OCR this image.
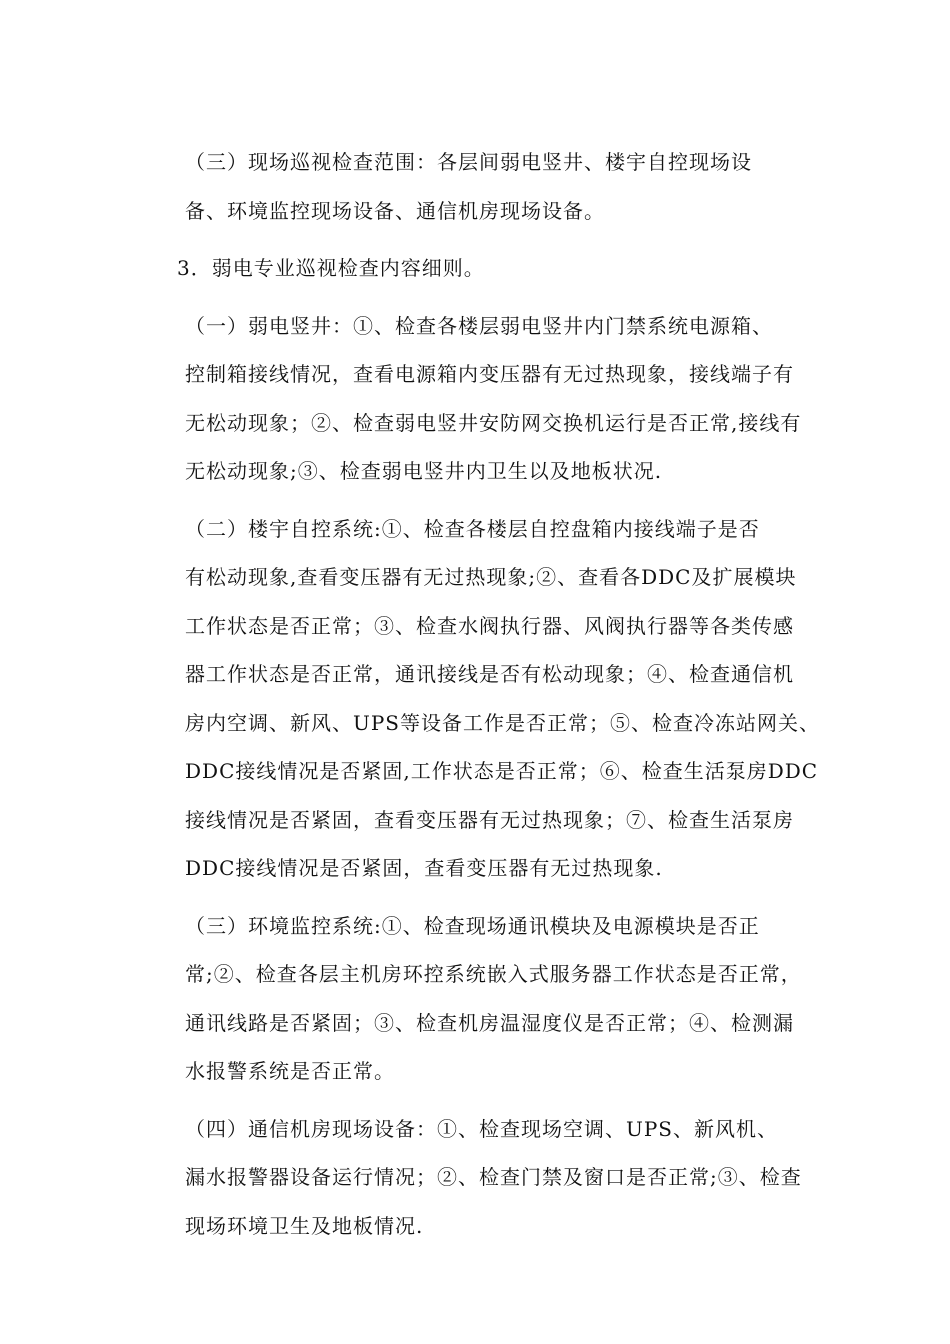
（三）现场巡视检查范围：各层间弱电竖井、楼宇自控现场设
备、环境监控现场设备、通信机房现场设备。

3．弱电专业巡视检查内容细则。

（一）弱电竖井：①、检查各楼层弱电竖井内门禁系统电源箱、
控制箱接线情况，查看电源箱内变压器有无过热现象，接线端子有
无松动现象；②、检查弱电竖井安防网交换机运行是否正常,接线有
无松动现象;③、检查弱电竖井内卫生以及地板状况.

（二）楼宇自控系统:①、检查各楼层自控盘箱内接线端子是否
有松动现象,查看变压器有无过热现象;②、查看各DDC及扩展模块
工作状态是否正常；③、检查水阀执行器、风阀执行器等各类传感
器工作状态是否正常，通讯接线是否有松动现象；④、检查通信机
房内空调、新风、UPS等设备工作是否正常；⑤、检查冷冻站网关、
DDC接线情况是否紧固,工作状态是否正常；⑥、检查生活泵房DDC
接线情况是否紧固，查看变压器有无过热现象；⑦、检查生活泵房
DDC接线情况是否紧固，查看变压器有无过热现象.

（三）环境监控系统:①、检查现场通讯模块及电源模块是否正
常;②、检查各层主机房环控系统嵌入式服务器工作状态是否正常，
通讯线路是否紧固；③、检查机房温湿度仪是否正常；④、检测漏
水报警系统是否正常。

（四）通信机房现场设备：①、检查现场空调、UPS、新风机、
漏水报警器设备运行情况；②、检查门禁及窗口是否正常;③、检查
现场环境卫生及地板情况.
